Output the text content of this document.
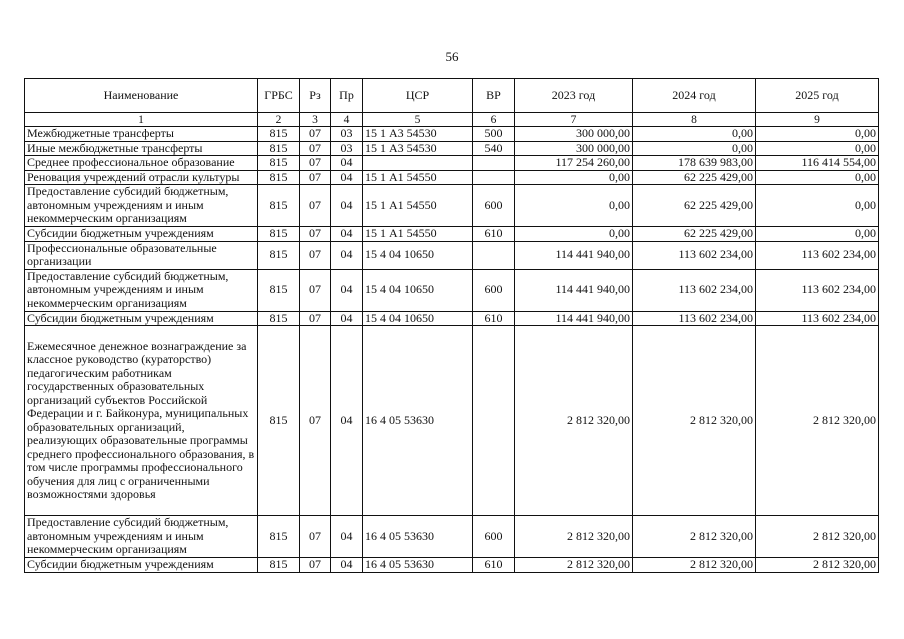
56
Наименование	ГРБС	Рз	Пр	ЦСР	ВР	2023 год	2024 год	2025 год
1	2	3	4	5	6	7	8	9
Межбюджетные трансферты	815	07	03	15 1 А3 54530	500	300 000,00	0,00	0,00
Иные межбюджетные трансферты	815	07	03	15 1 А3 54530	540	300 000,00	0,00	0,00
Среднее профессиональное образование	815	07	04			117 254 260,00	178 639 983,00	116 414 554,00
Реновация учреждений отрасли культуры	815	07	04	15 1 А1 54550		0,00	62 225 429,00	0,00
Предоставление субсидий бюджетным, автономным учреждениям и иным некоммерческим организациям	815	07	04	15 1 А1 54550	600	0,00	62 225 429,00	0,00
Субсидии бюджетным учреждениям	815	07	04	15 1 А1 54550	610	0,00	62 225 429,00	0,00
Профессиональные образовательные организации	815	07	04	15 4 04 10650		114 441 940,00	113 602 234,00	113 602 234,00
Предоставление субсидий бюджетным, автономным учреждениям и иным некоммерческим организациям	815	07	04	15 4 04 10650	600	114 441 940,00	113 602 234,00	113 602 234,00
Субсидии бюджетным учреждениям	815	07	04	15 4 04 10650	610	114 441 940,00	113 602 234,00	113 602 234,00
Ежемесячное денежное вознаграждение за классное руководство (кураторство) педагогическим работникам государственных образовательных организаций субъектов Российской Федерации и г. Байконура, муниципальных образовательных организаций, реализующих образовательные программы среднего профессионального образования, в том числе программы профессионального обучения для лиц с ограниченными возможностями здоровья	815	07	04	16 4 05 53630		2 812 320,00	2 812 320,00	2 812 320,00
Предоставление субсидий бюджетным, автономным учреждениям и иным некоммерческим организациям	815	07	04	16 4 05 53630	600	2 812 320,00	2 812 320,00	2 812 320,00
Субсидии бюджетным учреждениям	815	07	04	16 4 05 53630	610	2 812 320,00	2 812 320,00	2 812 320,00
